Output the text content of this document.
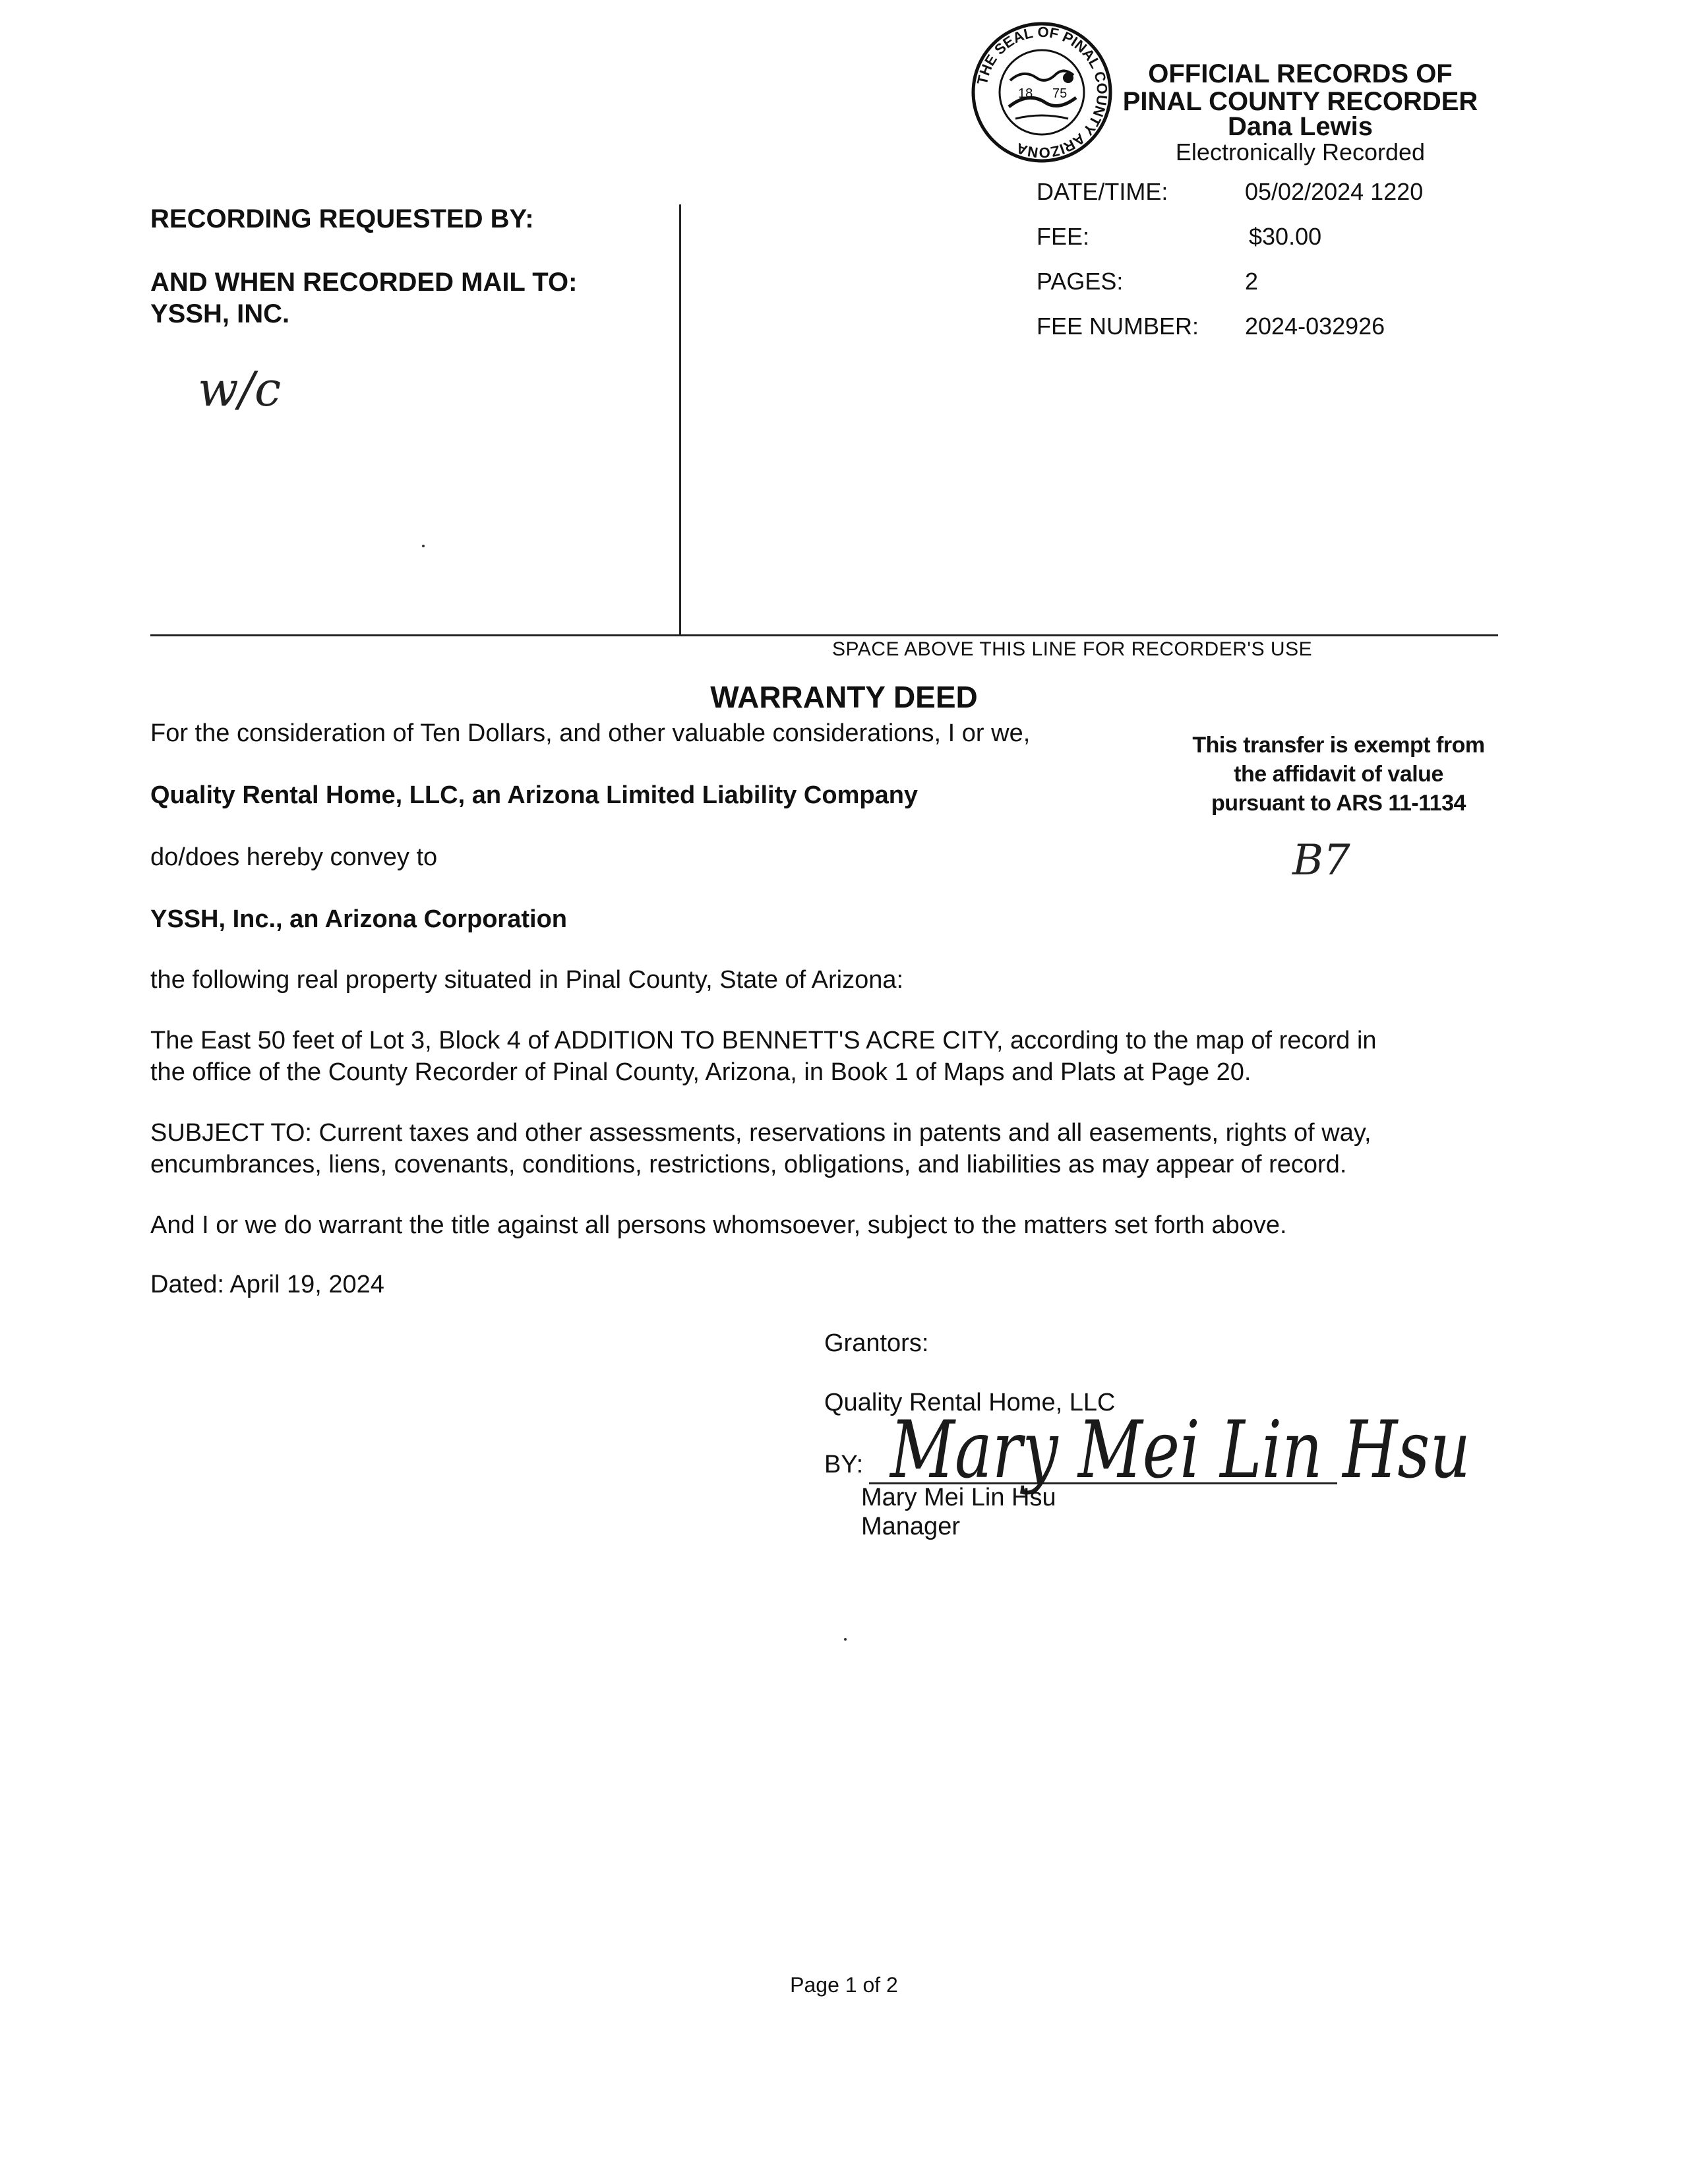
THE SEAL OF PINAL COUNTY ARIZONA
18 75
OFFICIAL RECORDS OF
PINAL COUNTY RECORDER
Dana Lewis
Electronically Recorded
DATE/TIME:	05/02/2024 1220
FEE:	$30.00
PAGES:	2
FEE NUMBER: 2024-032926
RECORDING REQUESTED BY:
AND WHEN RECORDED MAIL TO:
YSSH, INC.
w/c
SPACE ABOVE THIS LINE FOR RECORDER'S USE
WARRANTY DEED
For the consideration of Ten Dollars, and other valuable considerations, I or we,
Quality Rental Home, LLC, an Arizona Limited Liability Company
do/does hereby convey to
YSSH, Inc., an Arizona Corporation
the following real property situated in Pinal County, State of Arizona:
The East 50 feet of Lot 3, Block 4 of ADDITION TO BENNETT'S ACRE CITY, according to the map of record in
the office of the County Recorder of Pinal County, Arizona, in Book 1 of Maps and Plats at Page 20.
SUBJECT TO: Current taxes and other assessments, reservations in patents and all easements, rights of way,
encumbrances, liens, covenants, conditions, restrictions, obligations, and liabilities as may appear of record.
And I or we do warrant the title against all persons whomsoever, subject to the matters set forth above.
Dated: April 19, 2024
This transfer is exempt from
the affidavit of value
pursuant to ARS 11-1134
B7
Grantors:
Quality Rental Home, LLC
BY: Mary Mei Lin Hsu
Mary Mei Lin Hsu
Manager
Page 1 of 2
